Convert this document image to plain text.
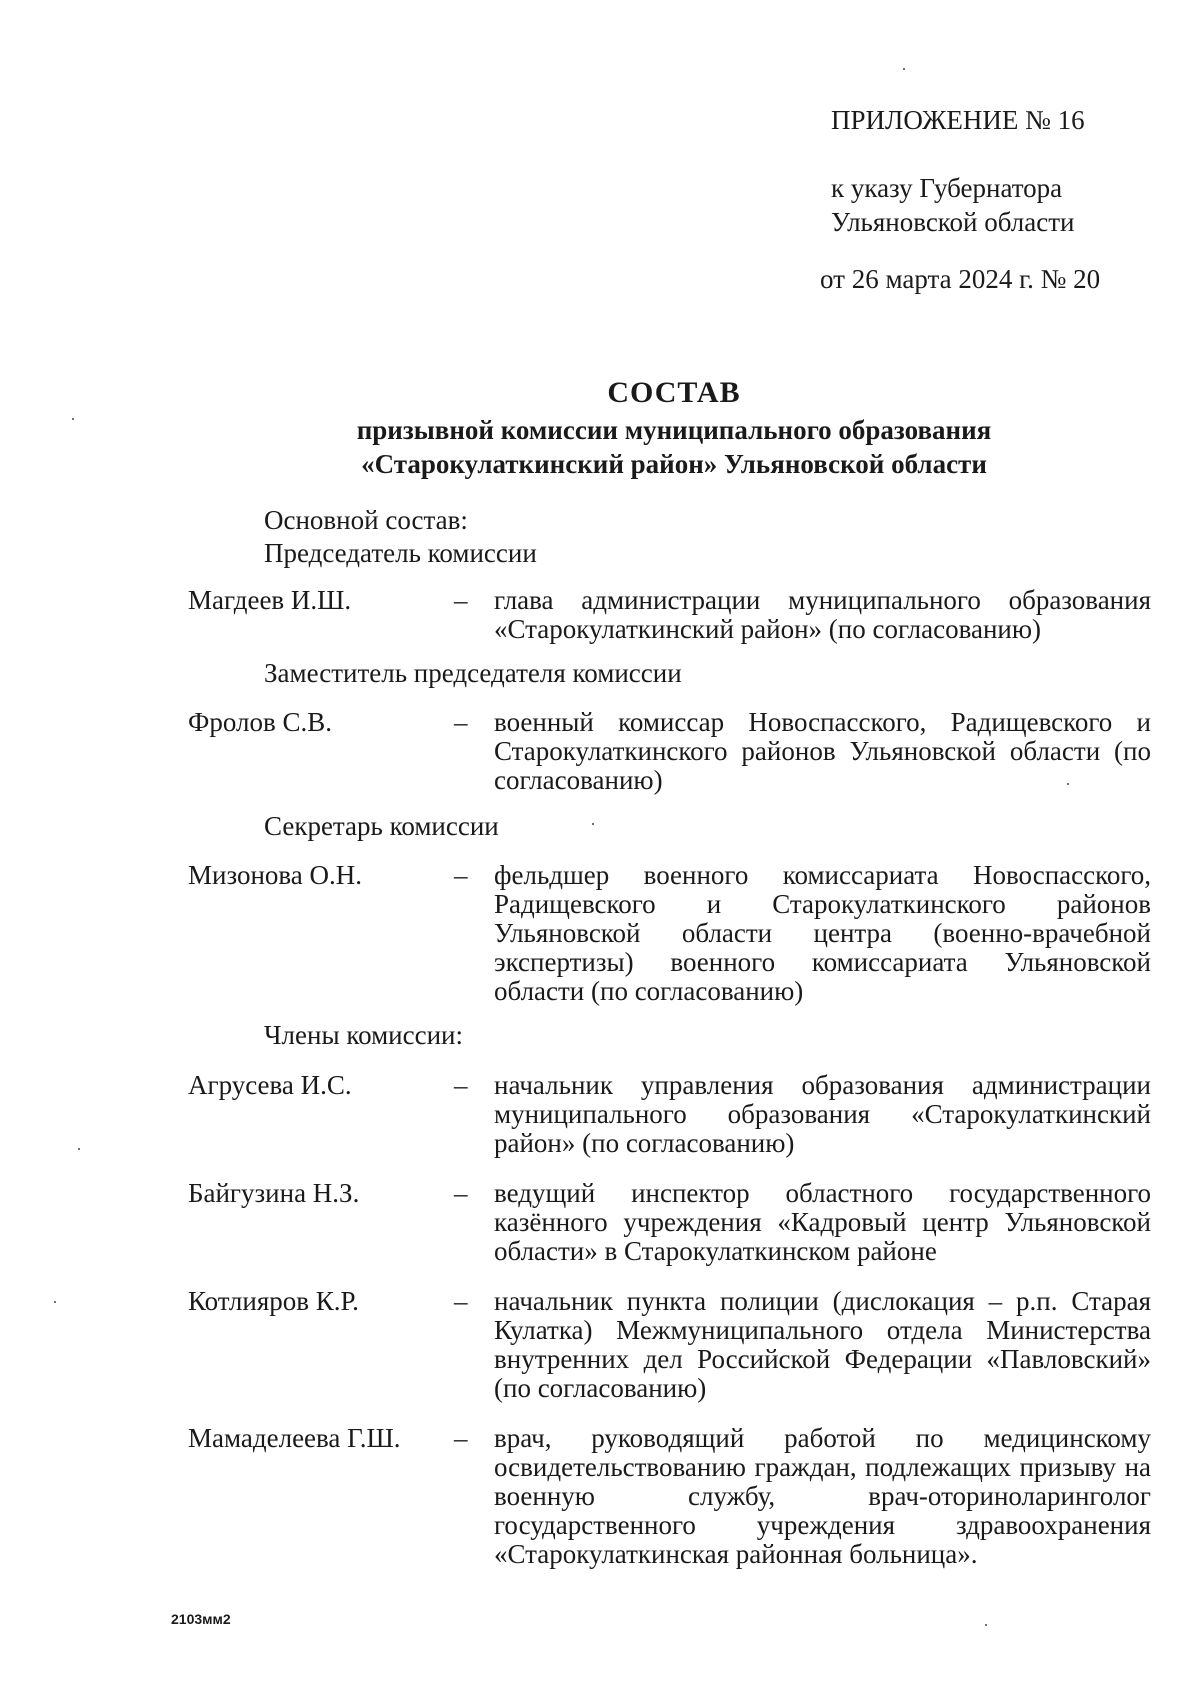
ПРИЛОЖЕНИЕ № 16
к указу Губернатора
Ульяновской области
от 26 марта 2024 г. № 20
СОСТАВ
призывной комиссии муниципального образования
«Старокулаткинский район» Ульяновской области
Основной состав:
Председатель комиссии
Магдеев И.Ш.	– глава администрации муниципального образования «Старокулаткинский район» (по согласованию)
Заместитель председателя комиссии
Фролов С.В.	– военный комиссар Новоспасского, Радищевского и Старокулаткинского районов Ульяновской области (по согласованию)
Секретарь комиссии
Мизонова О.Н.	– фельдшер военного комиссариата Новоспасского, Радищевского и Старокулаткинского районов Ульяновской области центра (военно-врачебной экспертизы) военного комиссариата Ульяновской области (по согласованию)
Члены комиссии:
Агрусева И.С.	– начальник управления образования администрации муниципального образования «Старокулаткинский район» (по согласованию)
Байгузина Н.З.	– ведущий инспектор областного государственного казённого учреждения «Кадровый центр Ульяновской области» в Старокулаткинском районе
Котлияров К.Р.	– начальник пункта полиции (дислокация – р.п. Старая Кулатка) Межмуниципального отдела Министерства внутренних дел Российской Федерации «Павловский» (по согласованию)
Мамаделеева Г.Ш. – врач, руководящий работой по медицинскому освидетельствованию граждан, подлежащих призыву на военную службу, врач-оториноларинголог государственного учреждения здравоохранения «Старокулаткинская районная больница».
2103мм2
